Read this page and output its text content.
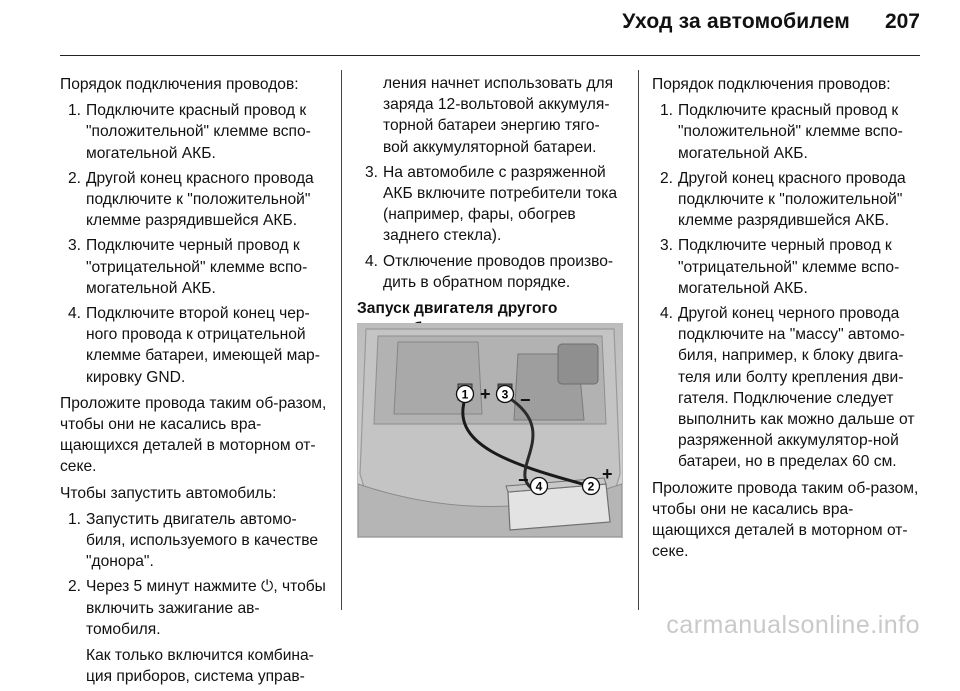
Уход за автомобилем 207

Порядок подключения проводов:

1. Подключите красный провод к "положительной" клемме вспо-могательной АКБ.
2. Другой конец красного провода подключите к "положительной" клемме разрядившейся АКБ.
3. Подключите черный провод к "отрицательной" клемме вспо-могательной АКБ.
4. Подключите второй конец чер-ного провода к отрицательной клемме батареи, имеющей мар-кировку GND.

Проложите провода таким об-разом, чтобы они не касались вра-щающихся деталей в моторном от-секе.

Чтобы запустить автомобиль:

1. Запустить двигатель автомо-биля, используемого в качестве "донора".
2. Через 5 минут нажмите ⏻, чтобы включить зажигание ав-томобиля.
Как только включится комбина-ция приборов, система управ-
ления начнет использовать для заряда 12-вольтовой аккумуля-торной батареи энергию тяго-вой аккумуляторной батареи.
3. На автомобиле с разряженной АКБ включите потребители тока (например, фары, обогрев заднего стекла).
4. Отключение проводов произво-дить в обратном порядке.
Запуск двигателя другого
1	3
4	2
+ −
+
−

Порядок подключения проводов:

1. Подключите красный провод к "положительной" клемме вспо-могательной АКБ.
2. Другой конец красного провода подключите к "положительной" клемме разрядившейся АКБ.
3. Подключите черный провод к "отрицательной" клемме вспо-могательной АКБ.
4. Другой конец черного провода подключите на "массу" автомо-биля, например, к блоку двига-теля или болту крепления дви-гателя. Подключение следует выполнить как можно дальше от разряженной аккумулятор-ной батареи, но в пределах 60 см.

Проложите провода таким об-разом, чтобы они не касались вра-щающихся деталей в моторном от-секе.

carmanualsonline.info
